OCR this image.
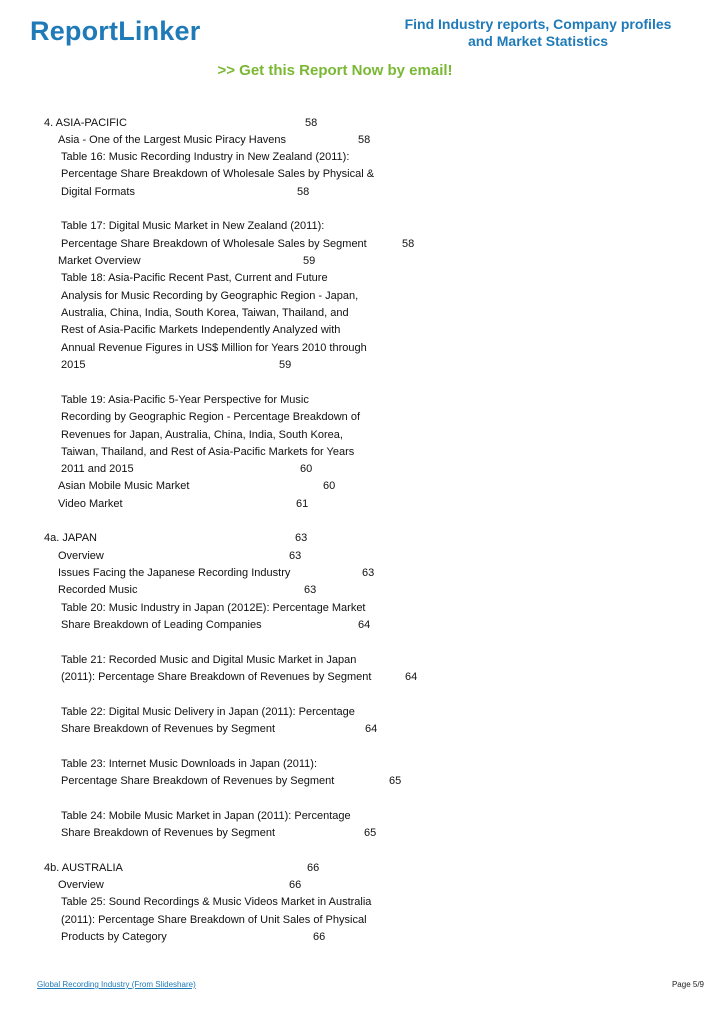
ReportLinker	Find Industry reports, Company profiles
and Market Statistics
>> Get this Report Now by email!
4. ASIA-PACIFIC	58
Asia - One of the Largest Music Piracy Havens	58
Table 16: Music Recording Industry in New Zealand (2011):
Percentage Share Breakdown of Wholesale Sales by Physical &
Digital Formats	58
Table 17: Digital Music Market in New Zealand (2011):
Percentage Share Breakdown of Wholesale Sales by Segment	58
Market Overview	59
Table 18: Asia-Pacific Recent Past, Current and Future
Analysis for Music Recording by Geographic Region - Japan,
Australia, China, India, South Korea, Taiwan, Thailand, and
Rest of Asia-Pacific Markets Independently Analyzed with
Annual Revenue Figures in US$ Million for Years 2010 through
2015	59
Table 19: Asia-Pacific 5-Year Perspective for Music
Recording by Geographic Region - Percentage Breakdown of
Revenues for Japan, Australia, China, India, South Korea,
Taiwan, Thailand, and Rest of Asia-Pacific Markets for Years
2011 and 2015	60
Asian Mobile Music Market	60
Video Market	61
4a. JAPAN	63
Overview	63
Issues Facing the Japanese Recording Industry	63
Recorded Music	63
Table 20: Music Industry in Japan (2012E): Percentage Market
Share Breakdown of Leading Companies	64
Table 21: Recorded Music and Digital Music Market in Japan
(2011): Percentage Share Breakdown of Revenues by Segment	64
Table 22: Digital Music Delivery in Japan (2011): Percentage
Share Breakdown of Revenues by Segment	64
Table 23: Internet Music Downloads in Japan (2011):
Percentage Share Breakdown of Revenues by Segment	65
Table 24: Mobile Music Market in Japan (2011): Percentage
Share Breakdown of Revenues by Segment	65
4b. AUSTRALIA	66
Overview	66
Table 25: Sound Recordings & Music Videos Market in Australia
(2011): Percentage Share Breakdown of Unit Sales of Physical
Products by Category	66
Global Recording Industry (From Slideshare)	Page 5/9
